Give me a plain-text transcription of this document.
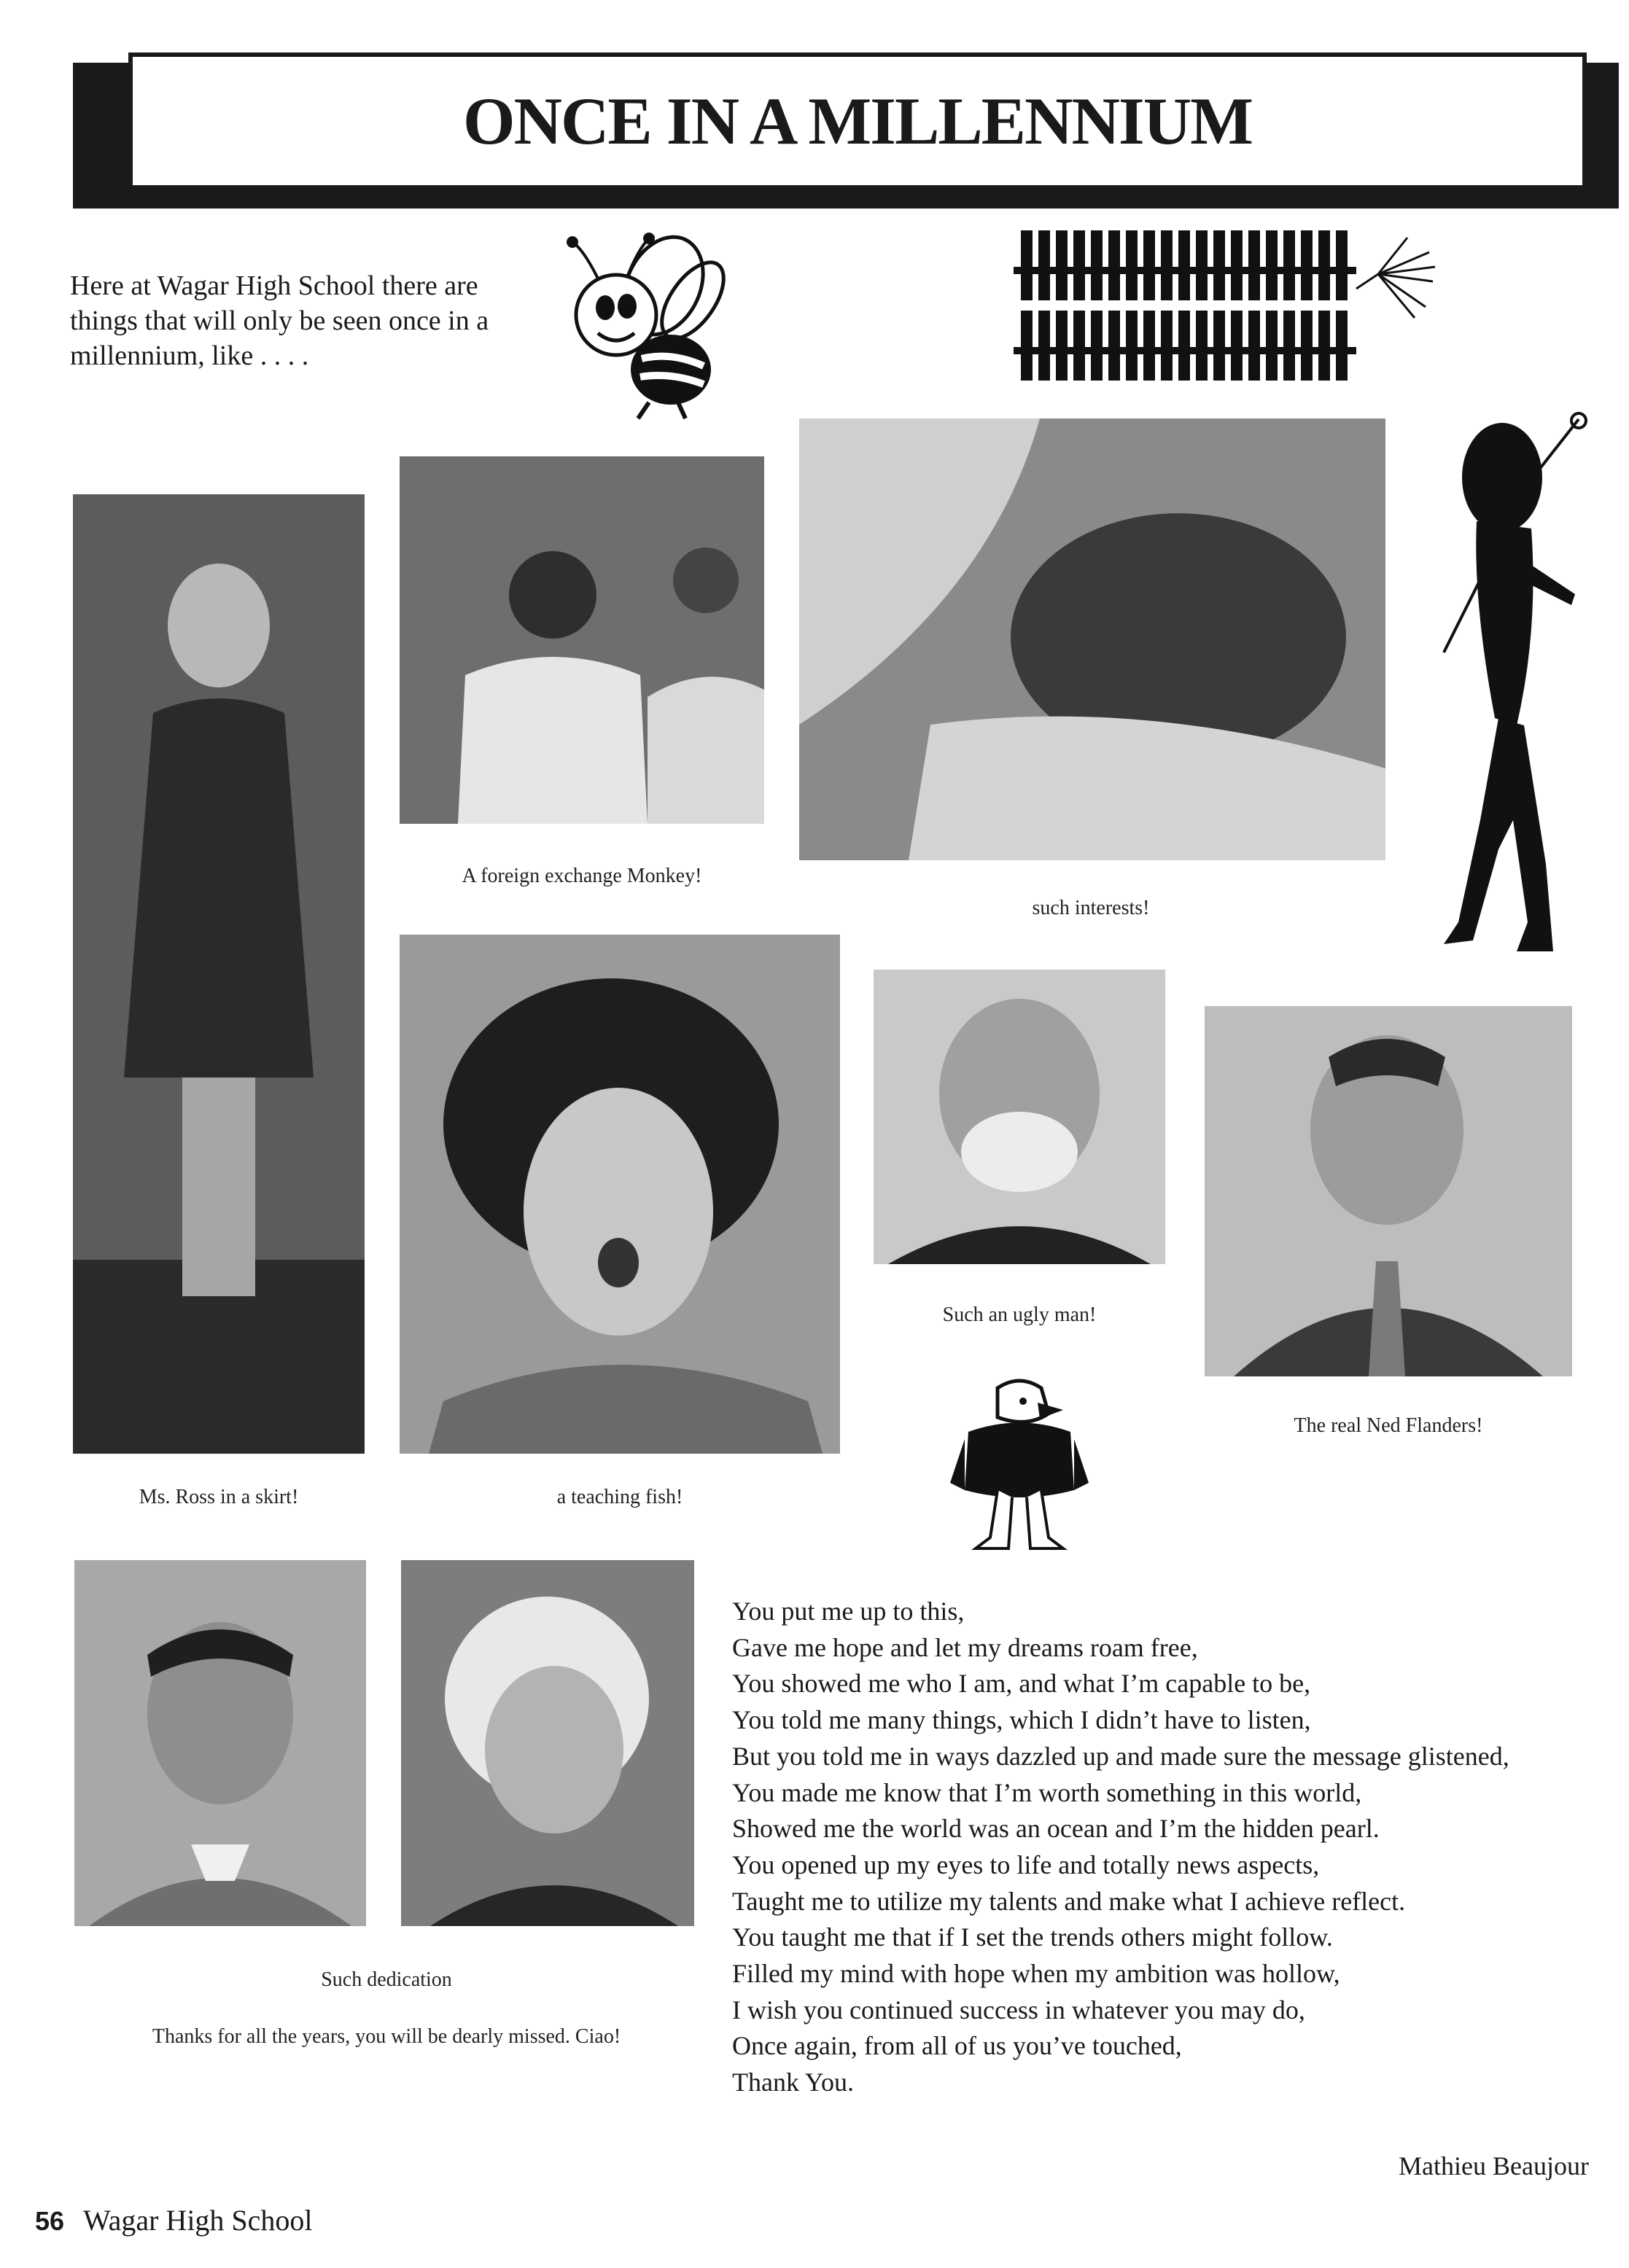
ONCE IN A MILLENNIUM
Here at Wagar High School there are things that will only be seen once in a millennium, like . . . .
A foreign exchange Monkey!
such interests!
Ms. Ross in a skirt!	a teaching fish!
Such an ugly man!
The real Ned Flanders!
Such dedication
Thanks for all the years, you will be dearly missed. Ciao!
You put me up to this,
Gave me hope and let my dreams roam free,
You showed me who I am, and what I’m capable to be,
You told me many things, which I didn’t have to listen,
But you told me in ways dazzled up and made sure the message glistened,
You made me know that I’m worth something in this world,
Showed me the world was an ocean and I’m the hidden pearl.
You opened up my eyes to life and totally news aspects,
Taught me to utilize my talents and make what I achieve reflect.
You taught me that if I set the trends others might follow.
Filled my mind with hope when my ambition was hollow,
I wish you continued success in whatever you may do,
Once again, from all of us you’ve touched,
Thank You.
Mathieu Beaujour
56 Wagar High School
